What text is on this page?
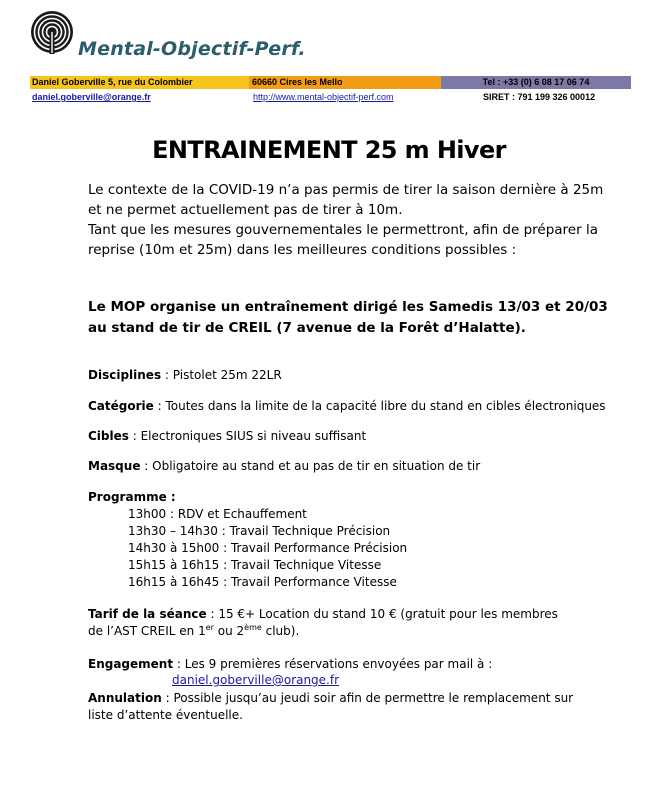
Mental-Objectif-Perf.
Daniel Goberville 5, rue du Colombier	60660 Cires les Mello	Tel : +33 (0) 6 08 17 06 74
daniel.goberville@orange.fr	http://www.mental-objectif-perf.com	SIRET : 791 199 326 00012
ENTRAINEMENT 25 m Hiver

Le contexte de la COVID-19 n’a pas permis de tirer la saison dernière à 25m et ne permet actuellement pas de tirer à 10m.

Tant que les mesures gouvernementales le permettront, afin de préparer la reprise (10m et 25m) dans les meilleures conditions possibles :

Le MOP organise un entraînement dirigé les Samedis 13/03 et 20/03 au stand de tir de CREIL (7 avenue de la Forêt d’Halatte).
Disciplines : Pistolet 25m 22LR
Catégorie : Toutes dans la limite de la capacité libre du stand en cibles électroniques
Cibles : Electroniques SIUS si niveau suffisant
Masque : Obligatoire au stand et au pas de tir en situation de tir
Programme :
13h00 : RDV et Echauffement
13h30 – 14h30 : Travail Technique Précision
14h30 à 15h00 : Travail Performance Précision
15h15 à 16h15 : Travail Technique Vitesse
16h15 à 16h45 : Travail Performance Vitesse
Tarif de la séance : 15 €+ Location du stand 10 € (gratuit pour les membres de l’AST CREIL en 1er ou 2ème club).
Engagement : Les 9 premières réservations envoyées par mail à :
daniel.goberville@orange.fr
Annulation : Possible jusqu’au jeudi soir afin de permettre le remplacement sur liste d’attente éventuelle.
